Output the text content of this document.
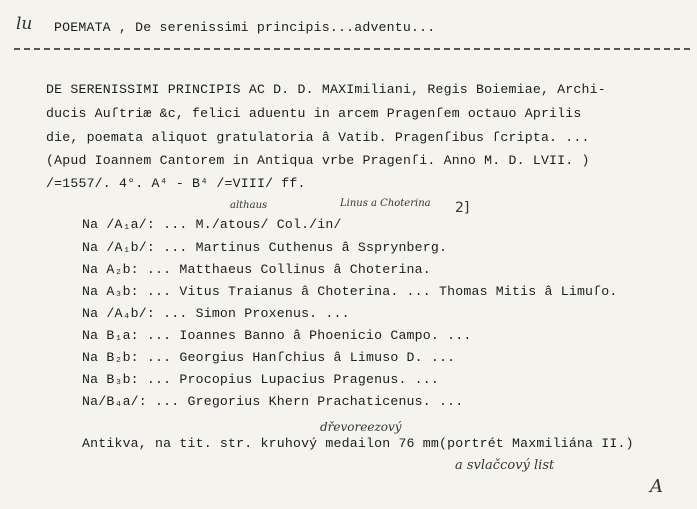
lu POEMATA , De serenissimi principis...adventu...
DE SERENISSIMI PRINCIPIS AC D. D. MAXImiliani, Regis Boiemiae, Archi-
ducis Auſtriæ &c, felici aduentu in arcem Pragenſem octauo Aprilis
die, poemata aliquot gratulatoria â Vatib. Pragenſibus ſcripta. ...
(Apud Ioannem Cantorem in Antiqua vrbe Pragenſi. Anno M. D. LVII. )
/=1557/. 4°. A⁴ - B⁴ /=VIII/ ff.
althaus	Linus a Choterina 2]
Na /A₁a/: ... M./atous/ Col./in/
Na /A₁b/: ... Martinus Cuthenus â Ssprynberg.
Na A₂b: ... Matthaeus Collinus â Choterina.
Na A₃b: ... Vitus Traianus â Choterina. ... Thomas Mitis â Limuſo.
Na /A₄b/: ... Simon Proxenus. ...
Na B₁a: ... Ioannes Banno â Phoenicio Campo. ...
Na B₂b: ... Georgius Hanſchius â Limuso D. ...
Na B₃b: ... Procopius Lupacius Pragenus. ...
Na/B₄a/: ... Gregorius Khern Prachaticenus. ...
dřevoreezový
Antikva, na tit. str. kruhový medailon 76 mm(portrét Maxmiliána II.)
a svlačcový list
A
